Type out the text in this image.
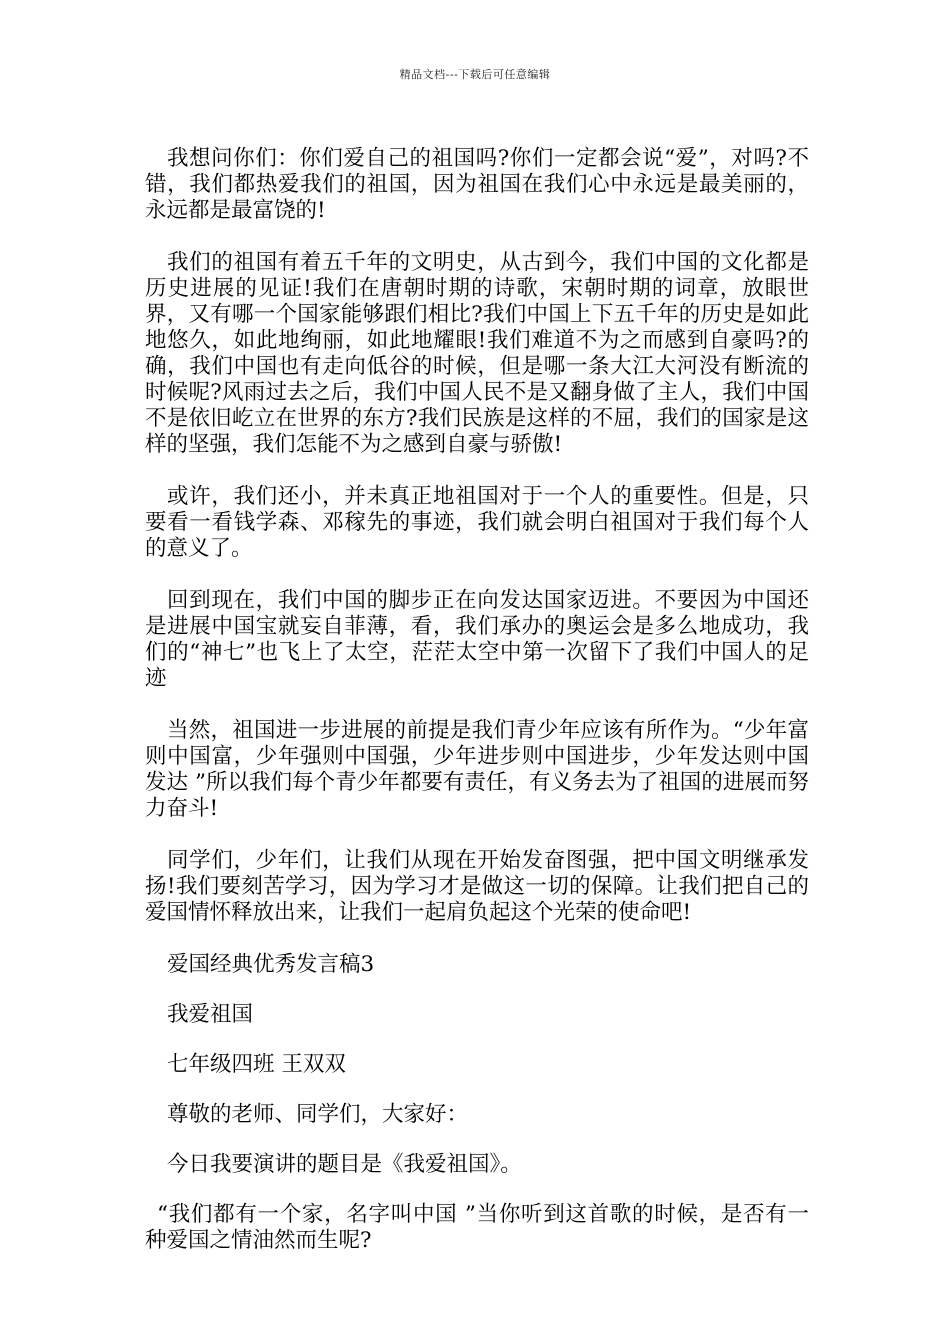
精品文档---下载后可任意编辑

我想问你们：你们爱自己的祖国吗?你们一定都会说“爱”，对吗?不错，我们都热爱我们的祖国，因为祖国在我们心中永远是最美丽的，永远都是最富饶的!

我们的祖国有着五千年的文明史，从古到今，我们中国的文化都是历史进展的见证!我们在唐朝时期的诗歌，宋朝时期的词章，放眼世界，又有哪一个国家能够跟们相比?我们中国上下五千年的历史是如此地悠久，如此地绚丽，如此地耀眼!我们难道不为之而感到自豪吗?的确，我们中国也有走向低谷的时候，但是哪一条大江大河没有断流的时候呢?风雨过去之后，我们中国人民不是又翻身做了主人，我们中国不是依旧屹立在世界的东方?我们民族是这样的不屈，我们的国家是这样的坚强，我们怎能不为之感到自豪与骄傲!

或许，我们还小，并未真正地祖国对于一个人的重要性。但是，只要看一看钱学森、邓稼先的事迹，我们就会明白祖国对于我们每个人的意义了。

回到现在，我们中国的脚步正在向发达国家迈进。不要因为中国还是进展中国宝就妄自菲薄，看，我们承办的奥运会是多么地成功，我们的“神七”也飞上了太空，茫茫太空中第一次留下了我们中国人的足迹

当然，祖国进一步进展的前提是我们青少年应该有所作为。“少年富则中国富，少年强则中国强，少年进步则中国进步，少年发达则中国发达 ”所以我们每个青少年都要有责任，有义务去为了祖国的进展而努力奋斗!

同学们，少年们，让我们从现在开始发奋图强，把中国文明继承发扬!我们要刻苦学习，因为学习才是做这一切的保障。让我们把自己的爱国情怀释放出来，让我们一起肩负起这个光荣的使命吧!

爱国经典优秀发言稿3

我爱祖国

七年级四班 王双双

尊敬的老师、同学们，大家好：

今日我要演讲的题目是《我爱祖国》。

“我们都有一个家，名字叫中国 ”当你听到这首歌的时候，是否有一种爱国之情油然而生呢?
